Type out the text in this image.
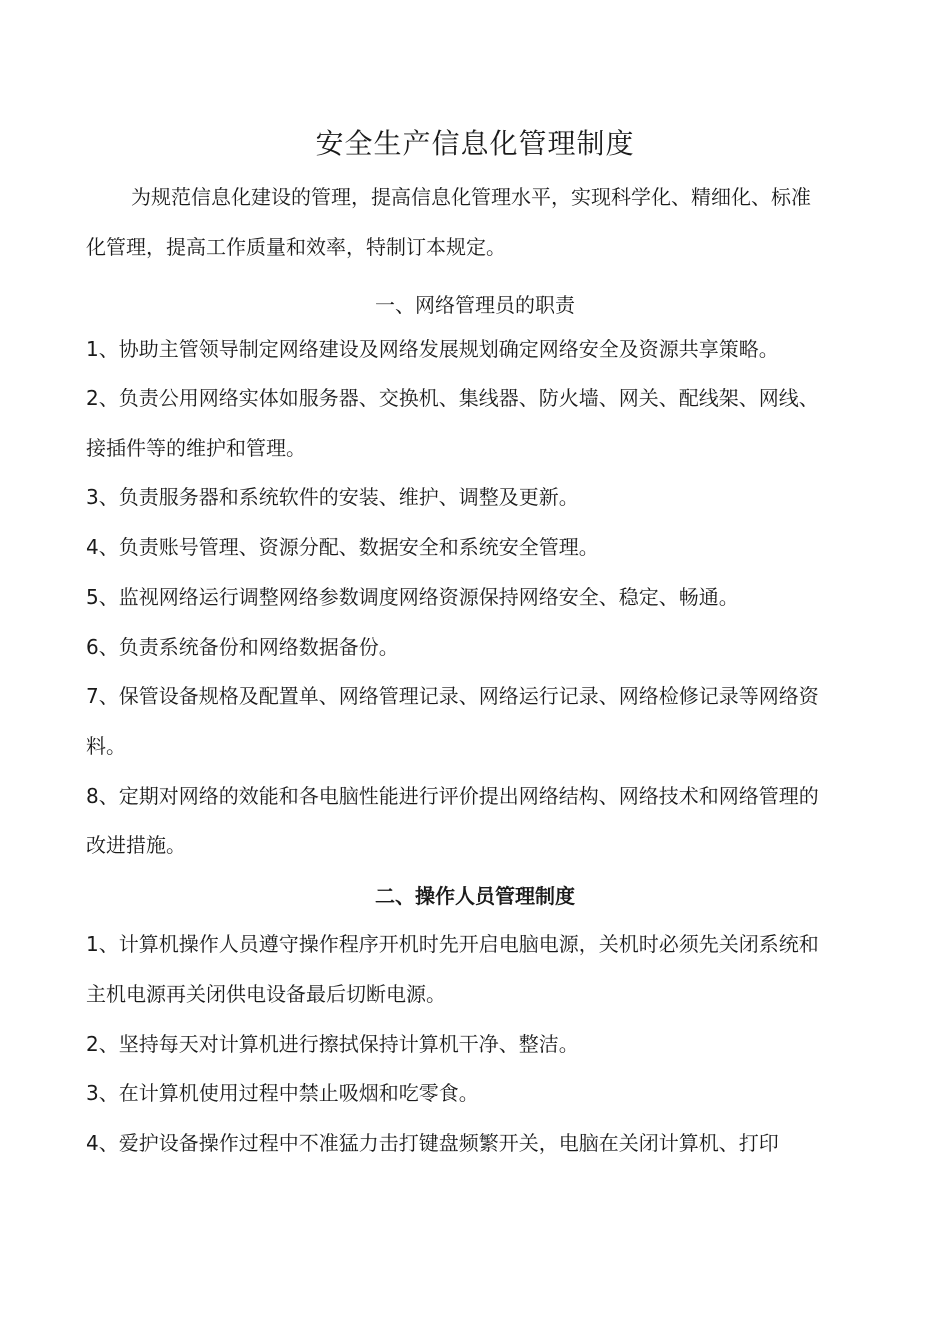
安全生产信息化管理制度
为规范信息化建设的管理，提高信息化管理水平，实现科学化、精细化、标准
化管理，提高工作质量和效率，特制订本规定。
一、网络管理员的职责
1、协助主管领导制定网络建设及网络发展规划确定网络安全及资源共享策略。
2、负责公用网络实体如服务器、交换机、集线器、防火墙、网关、配线架、网线、
接插件等的维护和管理。
3、负责服务器和系统软件的安装、维护、调整及更新。
4、负责账号管理、资源分配、数据安全和系统安全管理。
5、监视网络运行调整网络参数调度网络资源保持网络安全、稳定、畅通。
6、负责系统备份和网络数据备份。
7、保管设备规格及配置单、网络管理记录、网络运行记录、网络检修记录等网络资
料。
8、定期对网络的效能和各电脑性能进行评价提出网络结构、网络技术和网络管理的
改进措施。
二、操作人员管理制度
1、计算机操作人员遵守操作程序开机时先开启电脑电源，关机时必须先关闭系统和
主机电源再关闭供电设备最后切断电源。
2、坚持每天对计算机进行擦拭保持计算机干净、整洁。
3、在计算机使用过程中禁止吸烟和吃零食。
4、爱护设备操作过程中不准猛力击打键盘频繁开关，电脑在关闭计算机、打印
